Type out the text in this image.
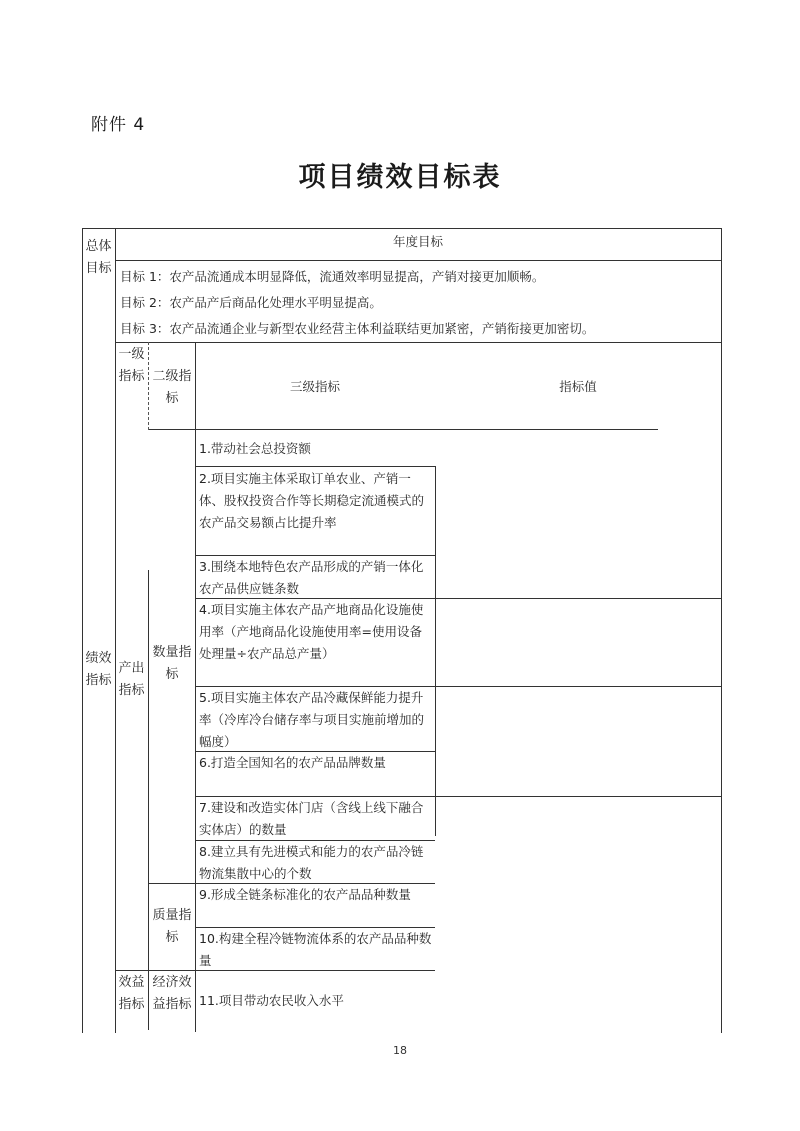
附件 4
项目绩效目标表
总体目标
年度目标
目标 1：农产品流通成本明显降低，流通效率明显提高，产销对接更加顺畅。
目标 2：农产品产后商品化处理水平明显提高。
目标 3：农产品流通企业与新型农业经营主体利益联结更加紧密，产销衔接更加密切。
一级指标 二级指标
三级指标	指标值
绩效指标
产出指标
数量指标
质量指标
效益指标
经济效益指标
1.带动社会总投资额
2.项目实施主体采取订单农业、产销一体、股权投资合作等长期稳定流通模式的农产品交易额占比提升率
3.围绕本地特色农产品形成的产销一体化农产品供应链条数
4.项目实施主体农产品产地商品化设施使用率（产地商品化设施使用率=使用设备处理量÷农产品总产量）
5.项目实施主体农产品冷藏保鲜能力提升率（冷库冷台储存率与项目实施前增加的幅度）
6.打造全国知名的农产品品牌数量
7.建设和改造实体门店（含线上线下融合实体店）的数量
8.建立具有先进模式和能力的农产品冷链物流集散中心的个数
9.形成全链条标准化的农产品品种数量
10.构建全程冷链物流体系的农产品品种数量
11.项目带动农民收入水平
18
